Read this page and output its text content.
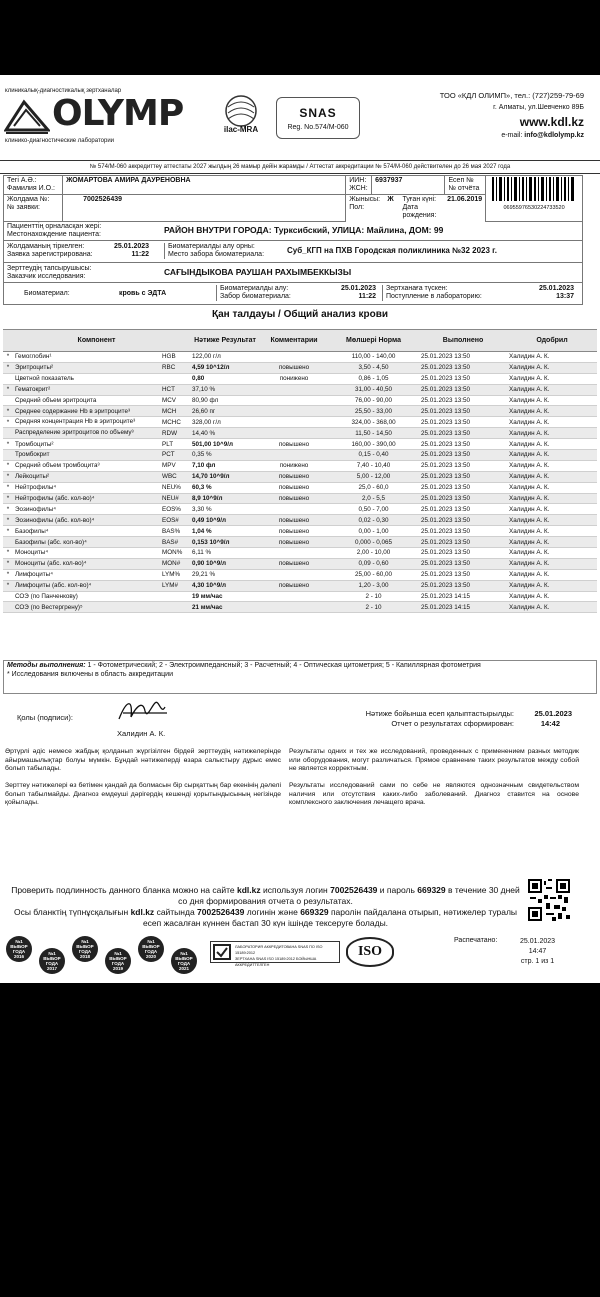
клиникалық-диагностикалық зертханалар
OLYMP
клинико-диагностические лаборатории
ilac-MRA
SNAS
Reg. No.574/M-060
ТОО «КДЛ ОЛИМП», тел.: (727)259-79-69
г. Алматы, ул.Шевченко 89Б
www.kdl.kz
e-mail: info@kdlolymp.kz
№ 574/М-060 аккредиттеу аттестаты 2027 жылдың 26 мамыр дейін жарамды / Аттестат аккредитации № 574/М-060 действителен до 26 мая 2027 года
Тегі А.Ә.:
Фамилия И.О.:
	ЖОМАРТОВА АМИРА ДАУРЕНОВНА	ИИН:
ЖСН:
	6937937	Есеп №
№ отчёта

06955976530224733520

Жолдама №:
№ заявки:
	7002526439		Жынысы:
Пол:
	Ж	Туған күні:
Дата рождения:
	21.06.2019
Пациенттің орналасқан жері:
Местонахождение пациента:	РАЙОН ВНУТРИ ГОРОДА: Турксибский, УЛИЦА: Майлина, ДОМ: 99
Жолдаманың тіркелген:
Заявка зарегистрирована:
25.01.2023
11:22
Биоматериалды алу орны:
Место забора биоматериала:	Суб_КГП на ПХВ Городская поликлиника №32 2023 г.
Зерттеудің тапсырушысы:
Заказчик исследования:	САҒЫНДЫКОВА РАУШАН РАХЫМБЕККЫЗЫ
Биоматериал:	кровь с ЭДТА
Биоматериалды алу:
Забор биоматериала:
25.01.2023
11:22
Зертханаға түскен:
Поступление в лабораторию:
25.01.2023
13:37
Қан талдауы / Общий анализ крови
Компонент			Нәтиже Результат	Комментарии	Мөлшері Норма	Выполнено	Одобрил
*	Гемоглобин¹	HGB	122,00 г/л		110,00 - 140,00	25.01.2023 13:50	Халидин А. К.
*	Эритроциты²	RBC	4,59 10^12/л	повышено	3,50 - 4,50	25.01.2023 13:50	Халидин А. К.
	Цветной показатель		0,80	понижено	0,86 - 1,05	25.01.2023 13:50	Халидин А. К.
*	Гематокрит²	HCT	37,10 %		31,00 - 40,50	25.01.2023 13:50	Халидин А. К.
	Средний объем эритроцита	MCV	80,90 фл		76,00 - 90,00	25.01.2023 13:50	Халидин А. К.
*	Среднее содержание Hb в эритроците³	MCH	26,60 пг		25,50 - 33,00	25.01.2023 13:50	Халидин А. К.
*	Средняя концентрация Hb в эритроците³	MCHC	328,00 г/л		324,00 - 368,00	25.01.2023 13:50	Халидин А. К.
	Распределение эритроцитов по объему³	RDW	14,40 %		11,50 - 14,50	25.01.2023 13:50	Халидин А. К.
*	Тромбоциты²	PLT	501,00 10^9/л	повышено	160,00 - 390,00	25.01.2023 13:50	Халидин А. К.
	Тромбокрит	PCT	0,35 %		0,15 - 0,40	25.01.2023 13:50	Халидин А. К.
*	Средний объем тромбоцита³	MPV	7,10 фл	понижено	7,40 - 10,40	25.01.2023 13:50	Халидин А. К.
*	Лейкоциты²	WBC	14,70 10^9/л	повышено	5,00 - 12,00	25.01.2023 13:50	Халидин А. К.
*	Нейтрофилы⁴	NEU%	60,3 %	повышено	25,0 - 60,0	25.01.2023 13:50	Халидин А. К.
*	Нейтрофилы (абс. кол-во)⁴	NEU#	8,9 10^9/л	повышено	2,0 - 5,5	25.01.2023 13:50	Халидин А. К.
*	Эозинофилы⁴	EOS%	3,30 %		0,50 - 7,00	25.01.2023 13:50	Халидин А. К.
*	Эозинофилы (абс. кол-во)⁴	EOS#	0,49 10^9/л	повышено	0,02 - 0,30	25.01.2023 13:50	Халидин А. К.
*	Базофилы⁴	BAS%	1,04 %	повышено	0,00 - 1,00	25.01.2023 13:50	Халидин А. К.
	Базофилы (абс. кол-во)⁴	BAS#	0,153 10^9/л	повышено	0,000 - 0,065	25.01.2023 13:50	Халидин А. К.
*	Моноциты⁴	MON%	6,11 %		2,00 - 10,00	25.01.2023 13:50	Халидин А. К.
*	Моноциты (абс. кол-во)⁴	MON#	0,90 10^9/л	повышено	0,09 - 0,60	25.01.2023 13:50	Халидин А. К.
*	Лимфоциты⁴	LYM%	29,21 %		25,00 - 60,00	25.01.2023 13:50	Халидин А. К.
*	Лимфоциты (абс. кол-во)⁴	LYM#	4,30 10^9/л	повышено	1,20 - 3,00	25.01.2023 13:50	Халидин А. К.
	СОЭ (по Панченкову)		19 мм/час		2 - 10	25.01.2023 14:15	Халидин А. К.
	СОЭ (по Вестергрену)⁵		21 мм/час		2 - 10	25.01.2023 14:15	Халидин А. К.
Методы выполнения: 1 - Фотометрический; 2 - Электроимпедансный; 3 - Расчетный; 4 - Оптическая цитометрия; 5 - Капиллярная фотометрия
* Исследования включены в область аккредитации
Қолы (подписи):
Халидин А. К.
Нәтиже бойынша есеп қалыптастырылды:
Отчет о результатах сформирован:
25.01.2023
14:42
Әртүрлі әдіс немесе жабдық қолданып жүргізілген бірдей зерттеудің нәтижелерінде айырмашылықтар болуы мүмкін. Бұндай нәтижелерді өзара салыстыру дұрыс емес болып табылады.
Результаты одних и тех же исследований, проведенных с применением разных методик или оборудования, могут различаться. Прямое сравнение таких результатов между собой не является корректным.
Зерттеу нәтижелері өз бетімен қандай да болмасын бір сырқаттың бар екенінің дәлелі болып табылмайды. Диагноз емдеуші дәрігердің кешенді қорытындысының негізінде қойылады.
Результаты исследований сами по себе не являются однозначным свидетельством наличия или отсутствия каких-либо заболеваний. Диагноз ставится на основе комплексного заключения лечащего врача.
Проверить подлинность данного бланка можно на сайте kdl.kz используя логин 7002526439 и пароль 669329 в течение 30 дней со дня формирования отчета о результатах.
Осы бланктің түпнұсқалығын kdl.kz сайтында 7002526439 логинін және 669329 паролін пайдалана отырып, нәтижелер туралы есеп жасалған күннен бастап 30 күн ішінде тексеруге болады.
№1 ВЫБОР
ГОДА
2016
№1 ВЫБОР
ГОДА
2017
№1 ВЫБОР
ГОДА
2018
№1 ВЫБОР
ГОДА
2019
№1 ВЫБОР
ГОДА
2020
№1 ВЫБОР
ГОДА
2021
ЛАБОРАТОРИЯ АККРЕДИТОВАНА SNAS ПО ISO 15189:2012
ЗЕРТХАНА SNAS ISO 15189:2012 БОЙЫНША АККРЕДИТТЕЛГЕН
ISO
Распечатано:	25.01.2023
14:47
стр. 1 из 1
